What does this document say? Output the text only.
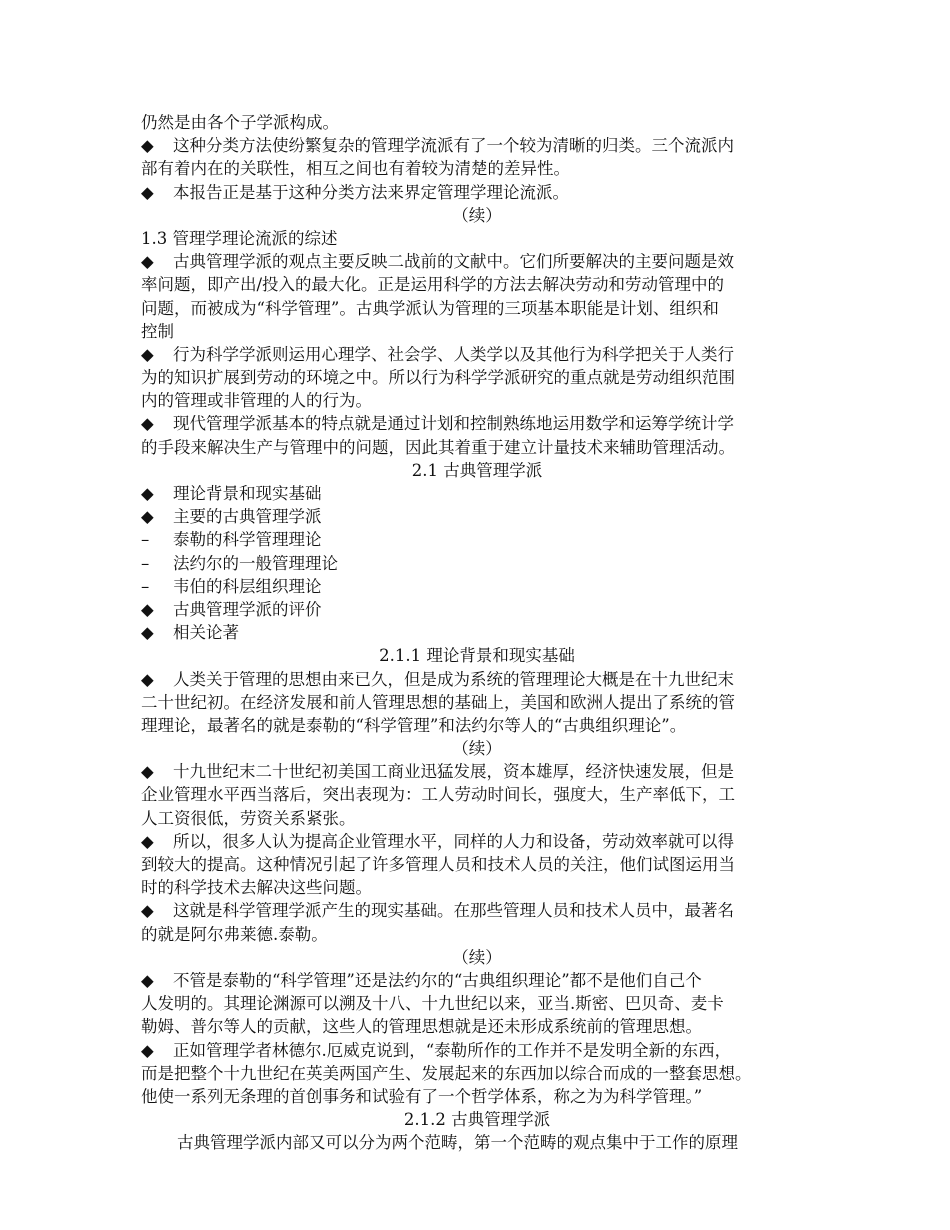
仍然是由各个子学派构成。
◆ 这种分类方法使纷繁复杂的管理学流派有了一个较为清晰的归类。三个流派内
部有着内在的关联性，相互之间也有着较为清楚的差异性。
◆ 本报告正是基于这种分类方法来界定管理学理论流派。
（续）
1.3 管理学理论流派的综述
◆ 古典管理学派的观点主要反映二战前的文献中。它们所要解决的主要问题是效
率问题，即产出/投入的最大化。正是运用科学的方法去解决劳动和劳动管理中的
问题，而被成为“科学管理”。古典学派认为管理的三项基本职能是计划、组织和
控制
◆ 行为科学学派则运用心理学、社会学、人类学以及其他行为科学把关于人类行
为的知识扩展到劳动的环境之中。所以行为科学学派研究的重点就是劳动组织范围
内的管理或非管理的人的行为。
◆ 现代管理学派基本的特点就是通过计划和控制熟练地运用数学和运筹学统计学
的手段来解决生产与管理中的问题，因此其着重于建立计量技术来辅助管理活动。
2.1 古典管理学派
◆ 理论背景和现实基础
◆ 主要的古典管理学派
– 泰勒的科学管理理论
– 法约尔的一般管理理论
– 韦伯的科层组织理论
◆ 古典管理学派的评价
◆ 相关论著
2.1.1 理论背景和现实基础
◆ 人类关于管理的思想由来已久，但是成为系统的管理理论大概是在十九世纪末
二十世纪初。在经济发展和前人管理思想的基础上，美国和欧洲人提出了系统的管
理理论，最著名的就是泰勒的“科学管理”和法约尔等人的“古典组织理论”。
（续）
◆ 十九世纪末二十世纪初美国工商业迅猛发展，资本雄厚，经济快速发展，但是
企业管理水平西当落后，突出表现为：工人劳动时间长，强度大，生产率低下，工
人工资很低，劳资关系紧张。
◆ 所以，很多人认为提高企业管理水平，同样的人力和设备，劳动效率就可以得
到较大的提高。这种情况引起了许多管理人员和技术人员的关注，他们试图运用当
时的科学技术去解决这些问题。
◆ 这就是科学管理学派产生的现实基础。在那些管理人员和技术人员中，最著名
的就是阿尔弗莱德.泰勒。
（续）
◆ 不管是泰勒的“科学管理”还是法约尔的“古典组织理论”都不是他们自己个
人发明的。其理论渊源可以溯及十八、十九世纪以来，亚当.斯密、巴贝奇、麦卡
勒姆、普尔等人的贡献，这些人的管理思想就是还未形成系统前的管理思想。
◆ 正如管理学者林德尔.厄威克说到，“泰勒所作的工作并不是发明全新的东西，
而是把整个十九世纪在英美两国产生、发展起来的东西加以综合而成的一整套思想。
他使一系列无条理的首创事务和试验有了一个哲学体系，称之为为科学管理。”
2.1.2 古典管理学派
古典管理学派内部又可以分为两个范畴，第一个范畴的观点集中于工作的原理
